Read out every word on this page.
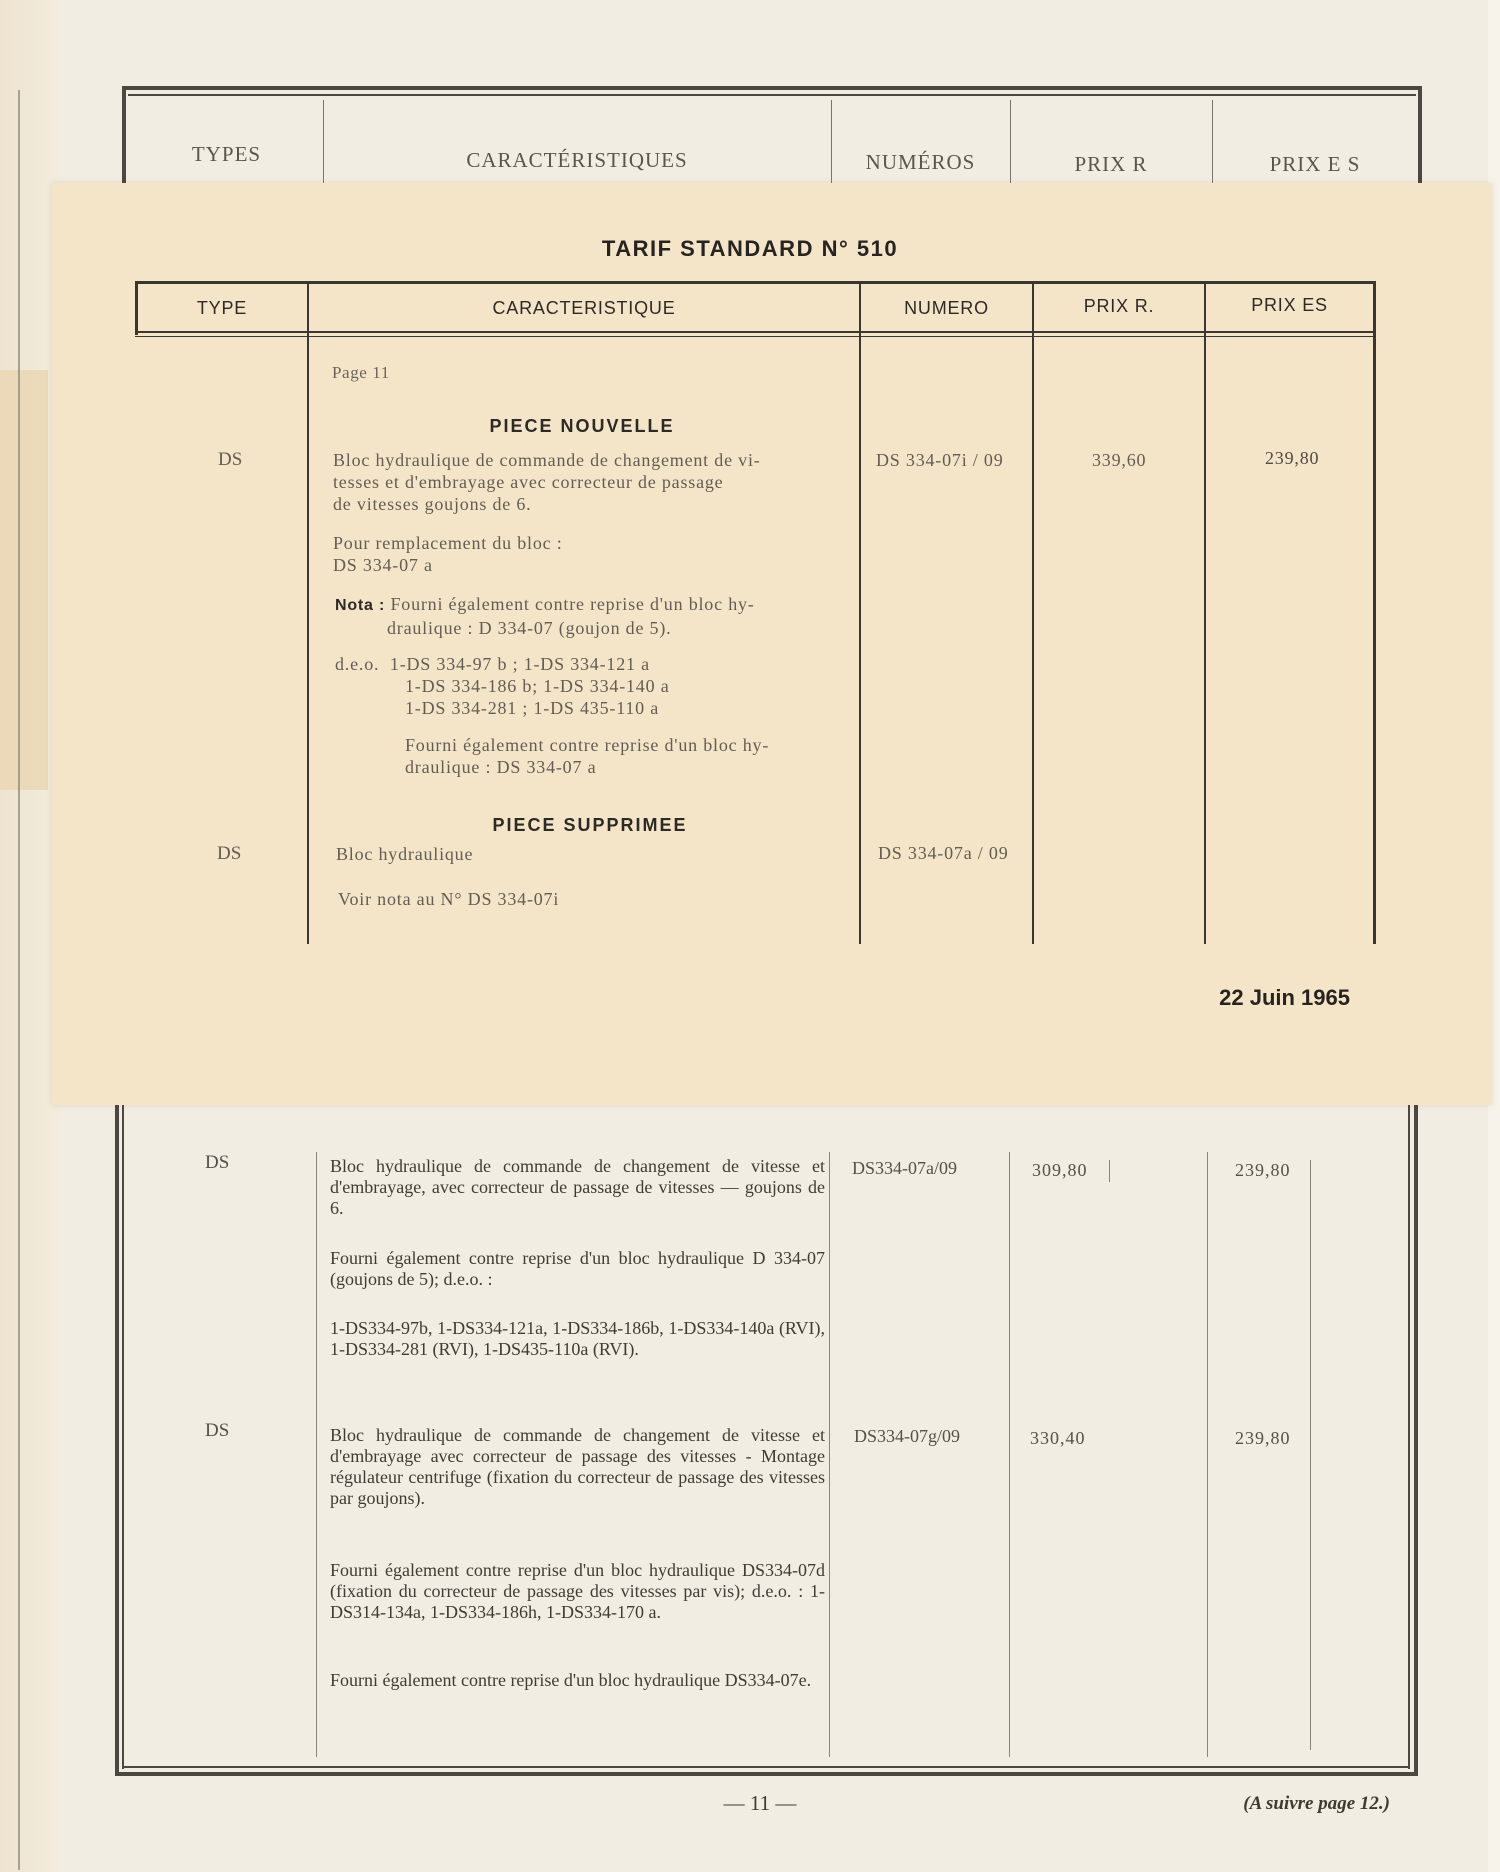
TYPES	CARACTÉRISTIQUES	NUMÉROS	PRIX R	PRIX E S
DS	Bloc hydraulique de commande de changement de vitesse et d'embrayage, avec correcteur de passage de vitesses — goujons de 6.
Fourni également contre reprise d'un bloc hydraulique D 334-07 (goujons de 5); d.e.o. :
1-DS334-97b, 1-DS334-121a, 1-DS334-186b, 1-DS334-140a (RVI), 1-DS334-281 (RVI), 1-DS435-110a (RVI).
DS334-07a/09	309,80	239,80
DS	Bloc hydraulique de commande de changement de vitesse et d'embrayage avec correcteur de passage des vitesses - Montage régulateur centrifuge (fixation du correcteur de passage des vitesses par goujons).
Fourni également contre reprise d'un bloc hydraulique DS334-07d (fixation du correcteur de passage des vitesses par vis); d.e.o. : 1-DS314-134a, 1-DS334-186h, 1-DS334-170 a.
Fourni également contre reprise d'un bloc hydraulique DS334-07e.
DS334-07g/09	330,40	239,80
— 11 —	(A suivre page 12.)
TARIF STANDARD N° 510
TYPE	CARACTERISTIQUE	NUMERO	PRIX R.	PRIX ES
Page 11
PIECE NOUVELLE
DS	Bloc hydraulique de commande de changement de vi-
tesses et d'embrayage avec correcteur de passage
de vitesses goujons de 6.
Pour remplacement du bloc :
DS 334-07 a
Nota : Fourni également contre reprise d'un bloc hy-
draulique : D 334-07 (goujon de 5).
d.e.o. 1-DS 334-97 b ; 1-DS 334-121 a
1-DS 334-186 b; 1-DS 334-140 a
1-DS 334-281 ; 1-DS 435-110 a
Fourni également contre reprise d'un bloc hy-
draulique : DS 334-07 a
DS 334-07i / 09	339,60	239,80
PIECE SUPPRIMEE
DS	Bloc hydraulique
Voir nota au N° DS 334-07i
DS 334-07a / 09
22 Juin 1965
